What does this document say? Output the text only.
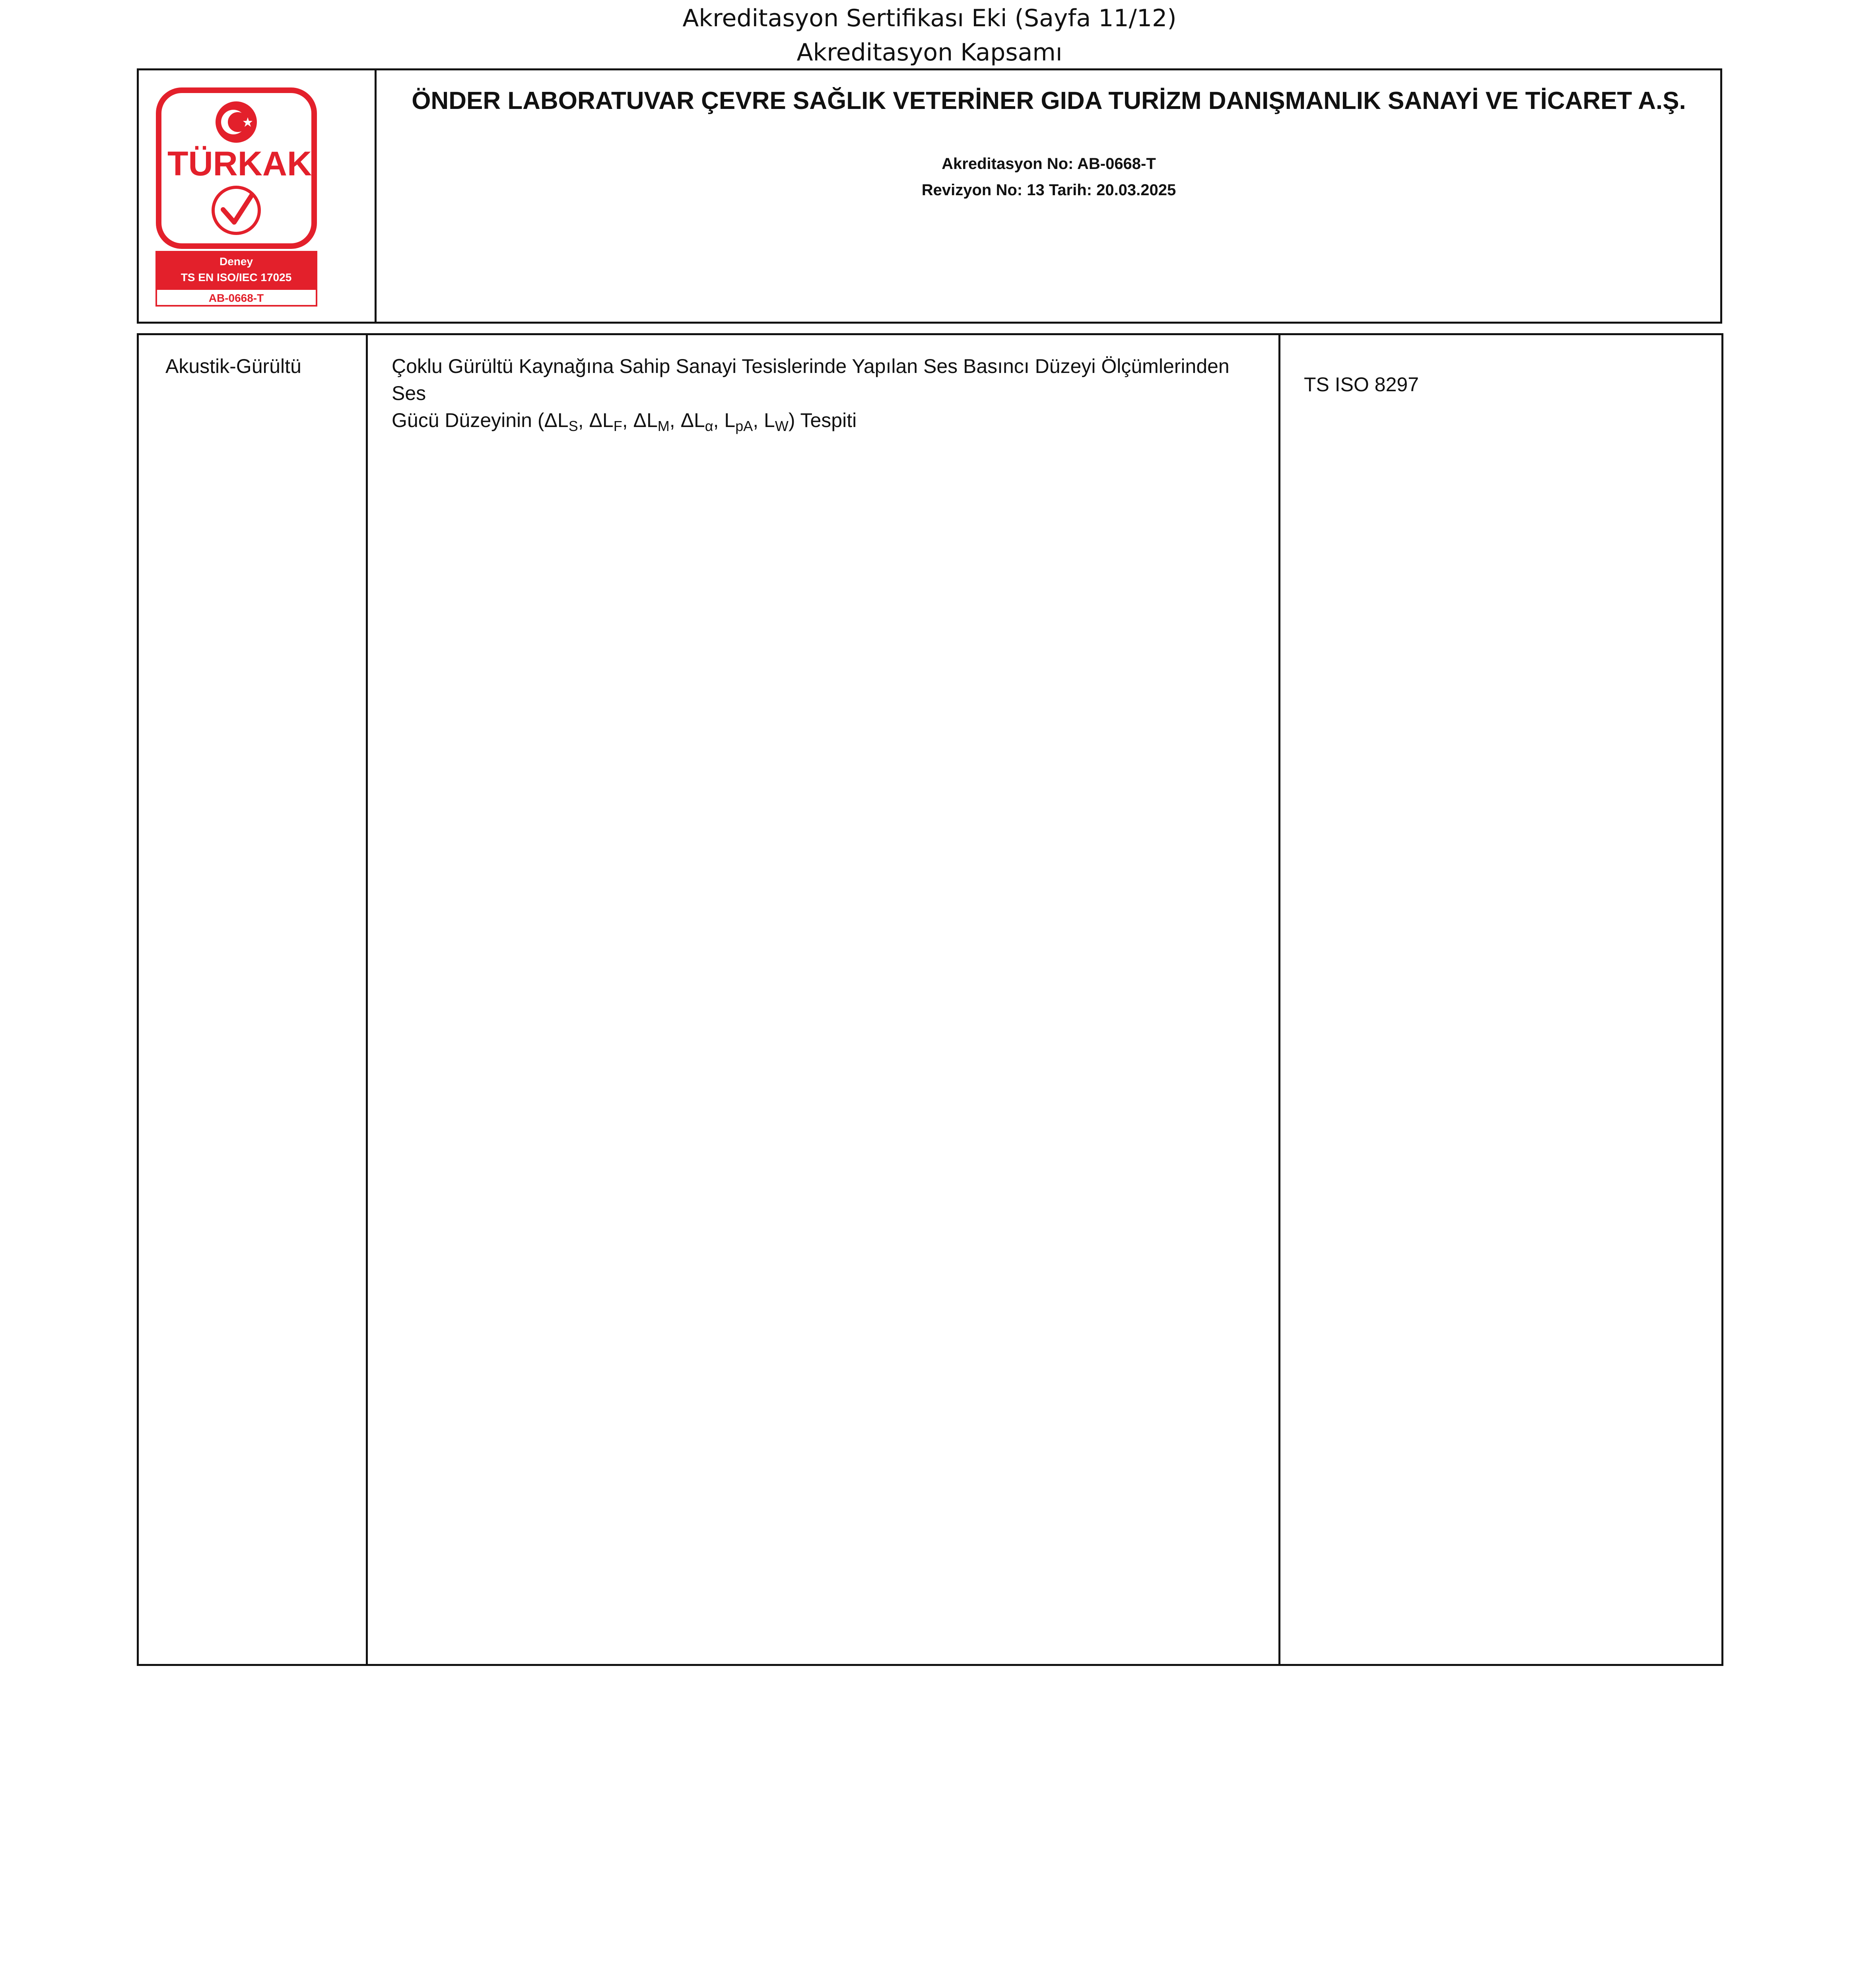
Akreditasyon Sertifikası Eki (Sayfa 11/12)
Akreditasyon Kapsamı
TÜRKAK
Deney
TS EN ISO/IEC 17025
AB-0668-T
ÖNDER LABORATUVAR ÇEVRE SAĞLIK VETERİNER GIDA TURİZM DANIŞMANLIK SANAYİ VE TİCARET A.Ş.
Akreditasyon No: AB-0668-T
Revizyon No: 13 Tarih: 20.03.2025
Akustik-Gürültü	Çoklu Gürültü Kaynağına Sahip Sanayi Tesislerinde Yapılan Ses Basıncı Düzeyi Ölçümlerinden Ses
Gücü Düzeyinin ($\Delta L_S$, $\Delta L_F$, $\Delta L_M$, $\Delta L_\alpha$, $L_{pA}$, $L_W$) Tespiti
TS ISO 8297
